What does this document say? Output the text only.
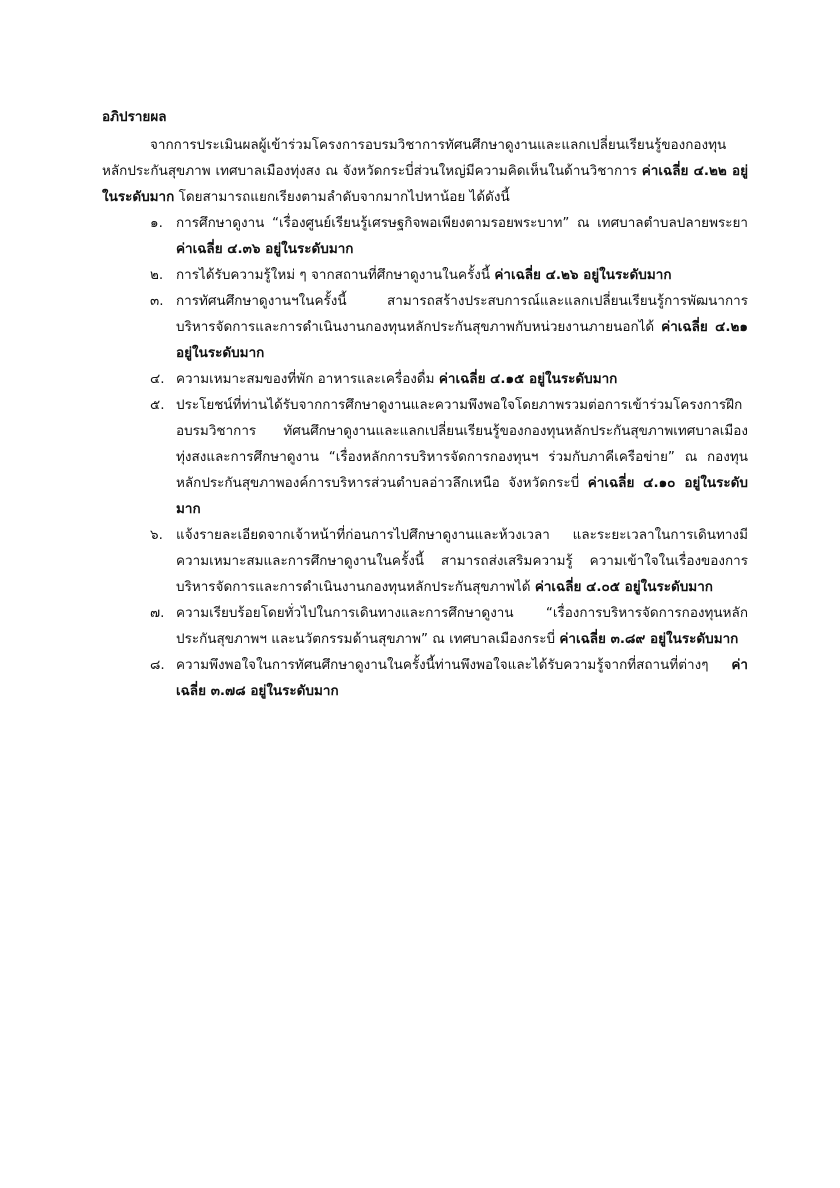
อภิปรายผล

จากการประเมินผลผู้เข้าร่วมโครงการอบรมวิชาการทัศนศึกษาดูงานและแลกเปลี่ยนเรียนรู้ของกองทุนหลักประกันสุขภาพ เทศบาลเมืองทุ่งสง ณ จังหวัดกระบี่ส่วนใหญ่มีความคิดเห็นในด้านวิชาการ ค่าเฉลี่ย ๔.๒๒ อยู่ในระดับมาก โดยสามารถแยกเรียงตามลำดับจากมากไปหาน้อย ได้ดังนี้

๑. การศึกษาดูงาน “เรื่องศูนย์เรียนรู้เศรษฐกิจพอเพียงตามรอยพระบาท” ณ เทศบาลตำบลปลายพระยา ค่าเฉลี่ย ๔.๓๖ อยู่ในระดับมาก
๒. การได้รับความรู้ใหม่ ๆ จากสถานที่ศึกษาดูงานในครั้งนี้ ค่าเฉลี่ย ๔.๒๖ อยู่ในระดับมาก
๓. การทัศนศึกษาดูงานฯในครั้งนี้ สามารถสร้างประสบการณ์และแลกเปลี่ยนเรียนรู้การพัฒนาการบริหารจัดการและการดำเนินงานกองทุนหลักประกันสุขภาพกับหน่วยงานภายนอกได้ ค่าเฉลี่ย ๔.๒๑ อยู่ในระดับมาก
๔. ความเหมาะสมของที่พัก อาหารและเครื่องดื่ม ค่าเฉลี่ย ๔.๑๕ อยู่ในระดับมาก
๕. ประโยชน์ที่ท่านได้รับจากการศึกษาดูงานและความพึงพอใจโดยภาพรวมต่อการเข้าร่วมโครงการฝึกอบรมวิชาการ ทัศนศึกษาดูงานและแลกเปลี่ยนเรียนรู้ของกองทุนหลักประกันสุขภาพเทศบาลเมืองทุ่งสงและการศึกษาดูงาน “เรื่องหลักการบริหารจัดการกองทุนฯ ร่วมกับภาคีเครือข่าย” ณ กองทุนหลักประกันสุขภาพองค์การบริหารส่วนตำบลอ่าวลึกเหนือ จังหวัดกระบี่ ค่าเฉลี่ย ๔.๑๐ อยู่ในระดับมาก
๖. แจ้งรายละเอียดจากเจ้าหน้าที่ก่อนการไปศึกษาดูงานและห้วงเวลา และระยะเวลาในการเดินทางมีความเหมาะสมและการศึกษาดูงานในครั้งนี้ สามารถส่งเสริมความรู้ ความเข้าใจในเรื่องของการบริหารจัดการและการดำเนินงานกองทุนหลักประกันสุขภาพได้ ค่าเฉลี่ย ๔.๐๕ อยู่ในระดับมาก
๗. ความเรียบร้อยโดยทั่วไปในการเดินทางและการศึกษาดูงาน “เรื่องการบริหารจัดการกองทุนหลักประกันสุขภาพฯ และนวัตกรรมด้านสุขภาพ” ณ เทศบาลเมืองกระบี่ ค่าเฉลี่ย ๓.๘๙ อยู่ในระดับมาก
๘. ความพึงพอใจในการทัศนศึกษาดูงานในครั้งนี้ท่านพึงพอใจและได้รับความรู้จากที่สถานที่ต่างๆ ค่าเฉลี่ย ๓.๗๘ อยู่ในระดับมาก
